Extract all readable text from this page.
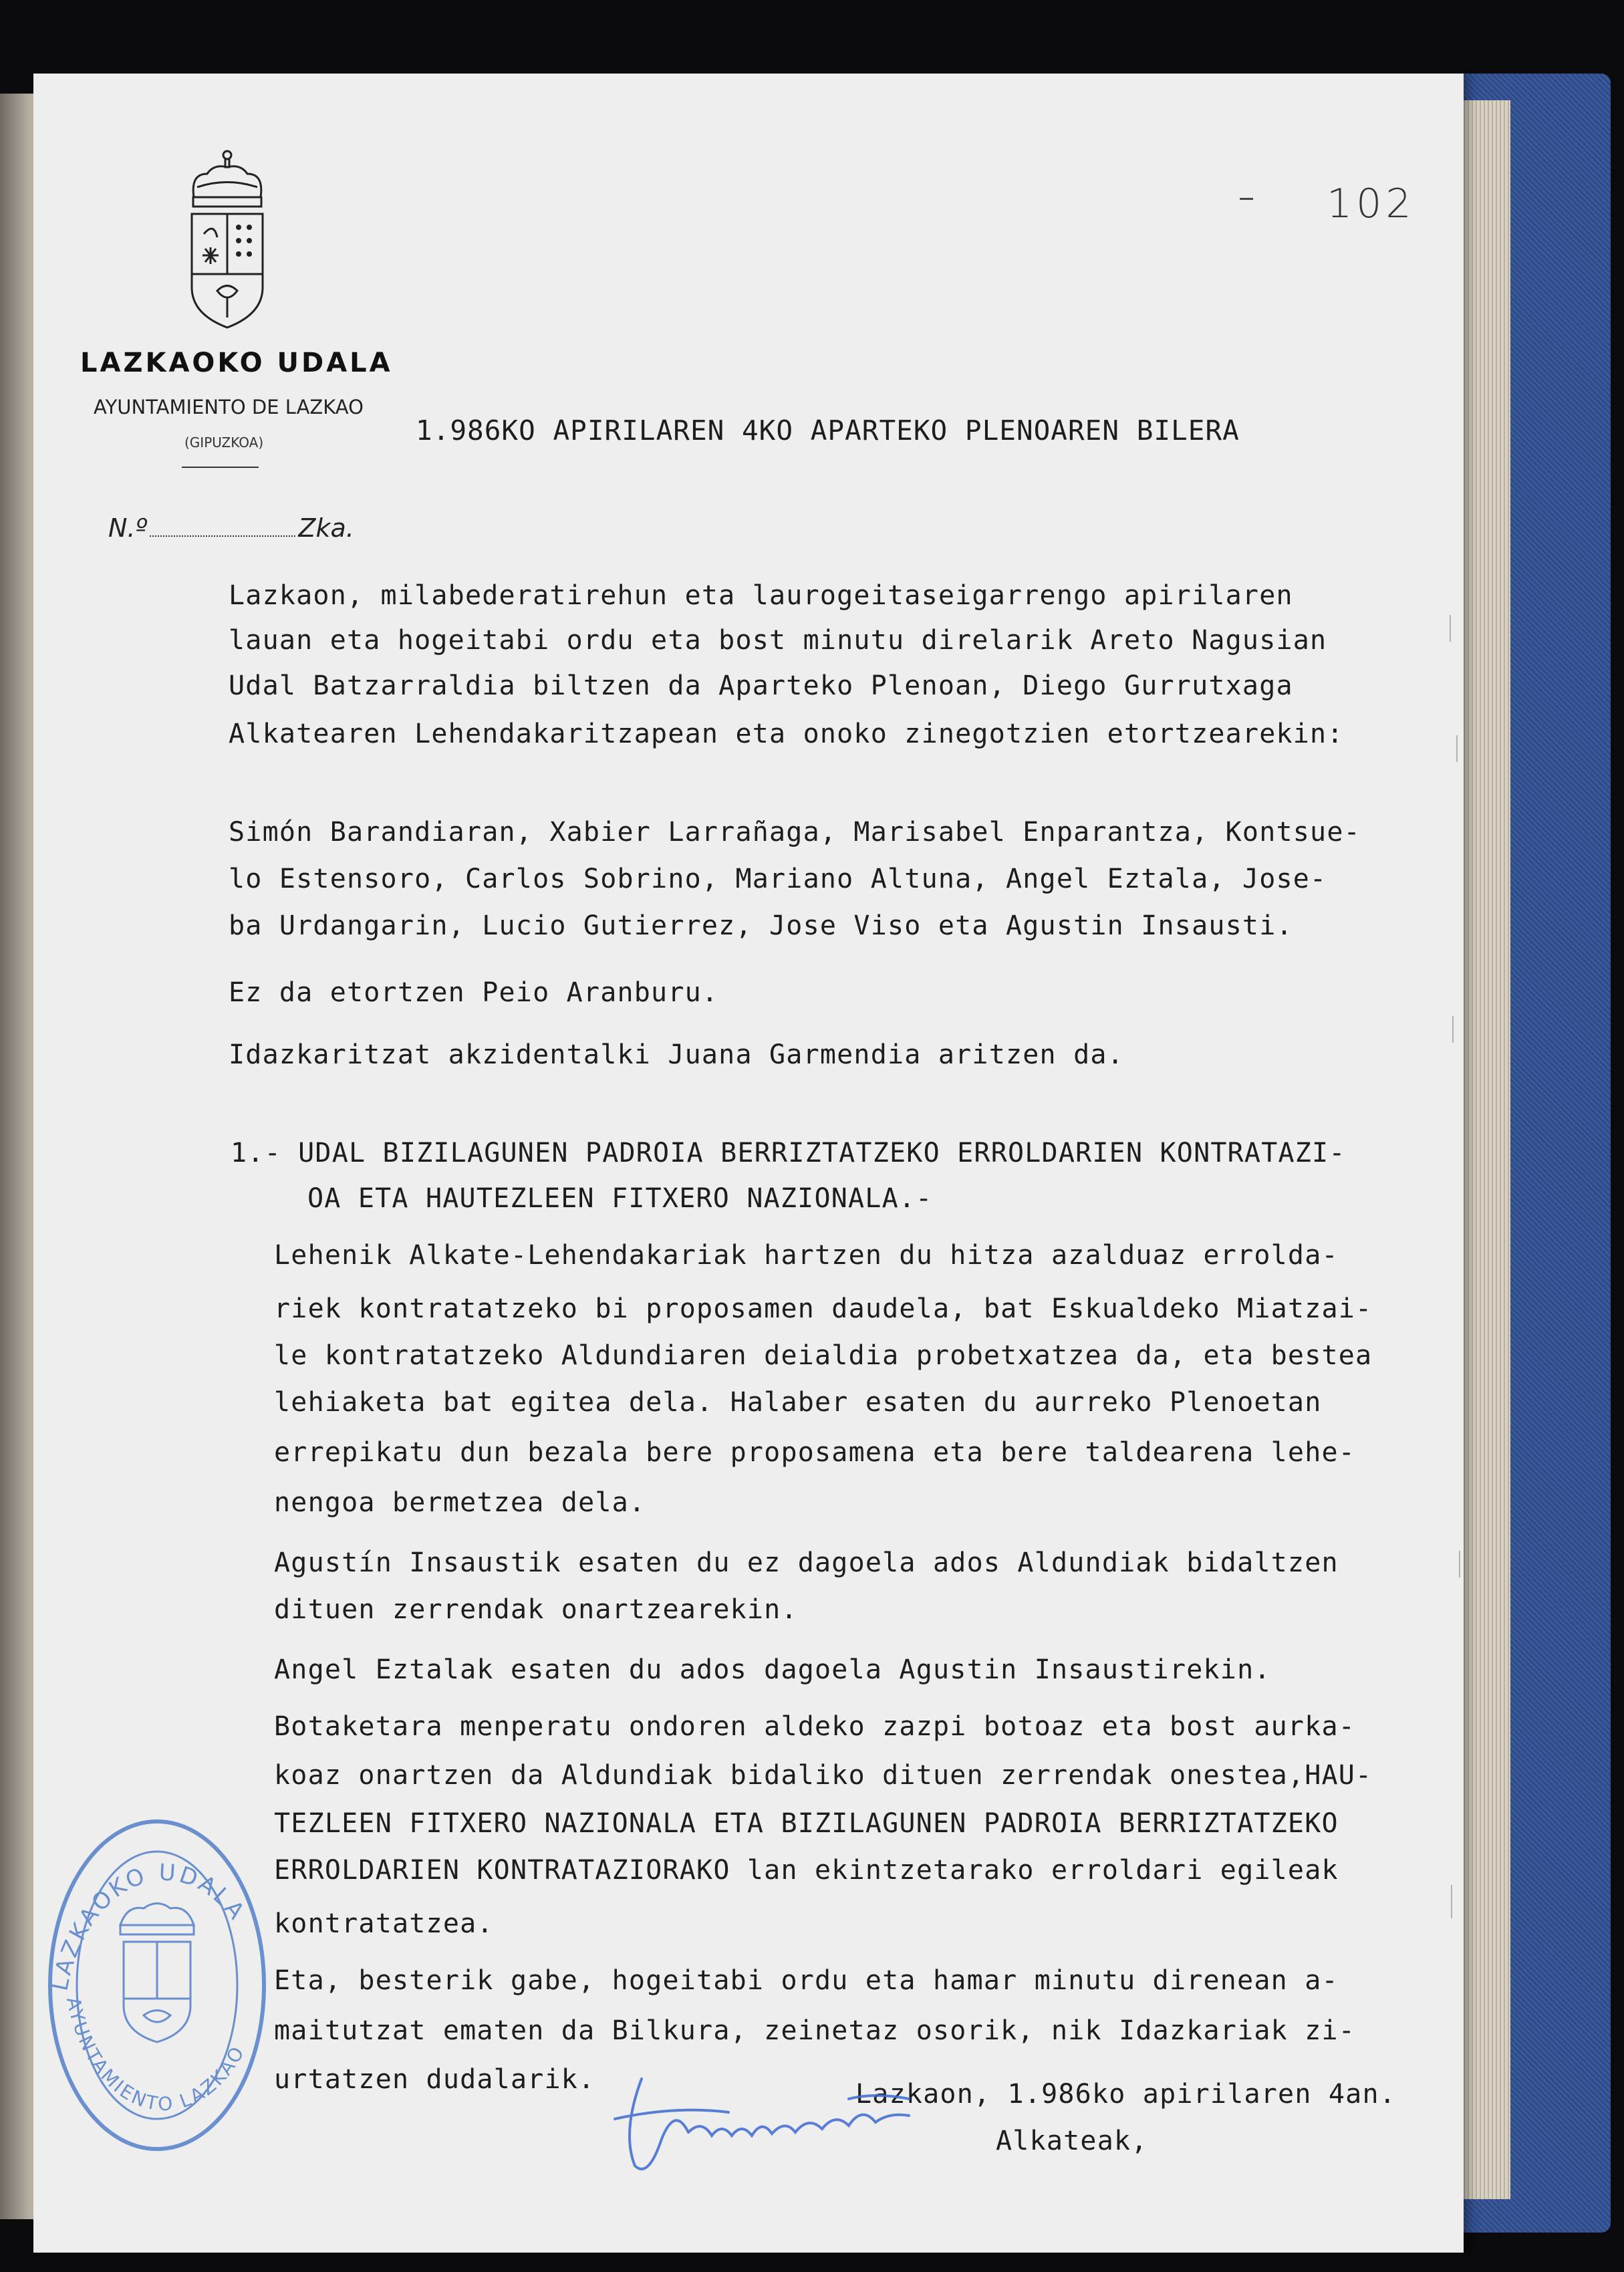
LAZKAOKO UDALA
AYUNTAMIENTO DE LAZKAO
(GIPUZKOA)
102
N.º	Zka.
1.986KO APIRILAREN 4KO APARTEKO PLENOAREN BILERA
Lazkaon, milabederatirehun eta laurogeitaseigarrengo apirilaren
lauan eta hogeitabi ordu eta bost minutu direlarik Areto Nagusian
Udal Batzarraldia biltzen da Aparteko Plenoan, Diego Gurrutxaga
Alkatearen Lehendakaritzapean eta onoko zinegotzien etortzearekin:
Simón Barandiaran, Xabier Larrañaga, Marisabel Enparantza, Kontsue-
lo Estensoro, Carlos Sobrino, Mariano Altuna, Angel Eztala, Jose-
ba Urdangarin, Lucio Gutierrez, Jose Viso eta Agustin Insausti.
Ez da etortzen Peio Aranburu.
Idazkaritzat akzidentalki Juana Garmendia aritzen da.
1.- UDAL BIZILAGUNEN PADROIA BERRIZTATZEKO ERROLDARIEN KONTRATAZI-
OA ETA HAUTEZLEEN FITXERO NAZIONALA.-
Lehenik Alkate-Lehendakariak hartzen du hitza azalduaz errolda-
riek kontratatzeko bi proposamen daudela, bat Eskualdeko Miatzai-
le kontratatzeko Aldundiaren deialdia probetxatzea da, eta bestea
lehiaketa bat egitea dela. Halaber esaten du aurreko Plenoetan
errepikatu dun bezala bere proposamena eta bere taldearena lehe-
nengoa bermetzea dela.
Agustín Insaustik esaten du ez dagoela ados Aldundiak bidaltzen
dituen zerrendak onartzearekin.
Angel Eztalak esaten du ados dagoela Agustin Insaustirekin.
Botaketara menperatu ondoren aldeko zazpi botoaz eta bost aurka-
koaz onartzen da Aldundiak bidaliko dituen zerrendak onestea,HAU-
TEZLEEN FITXERO NAZIONALA ETA BIZILAGUNEN PADROIA BERRIZTATZEKO
ERROLDARIEN KONTRATAZIORAKO lan ekintzetarako erroldari egileak
kontratatzea.
Eta, besterik gabe, hogeitabi ordu eta hamar minutu direnean a-
maitutzat ematen da Bilkura, zeinetaz osorik, nik Idazkariak zi-
urtatzen dudalarik.	Lazkaon, 1.986ko apirilaren 4an.
Alkateak,
LAZKAOKO UDALA
AYUNTAMIENTO LAZKAO
